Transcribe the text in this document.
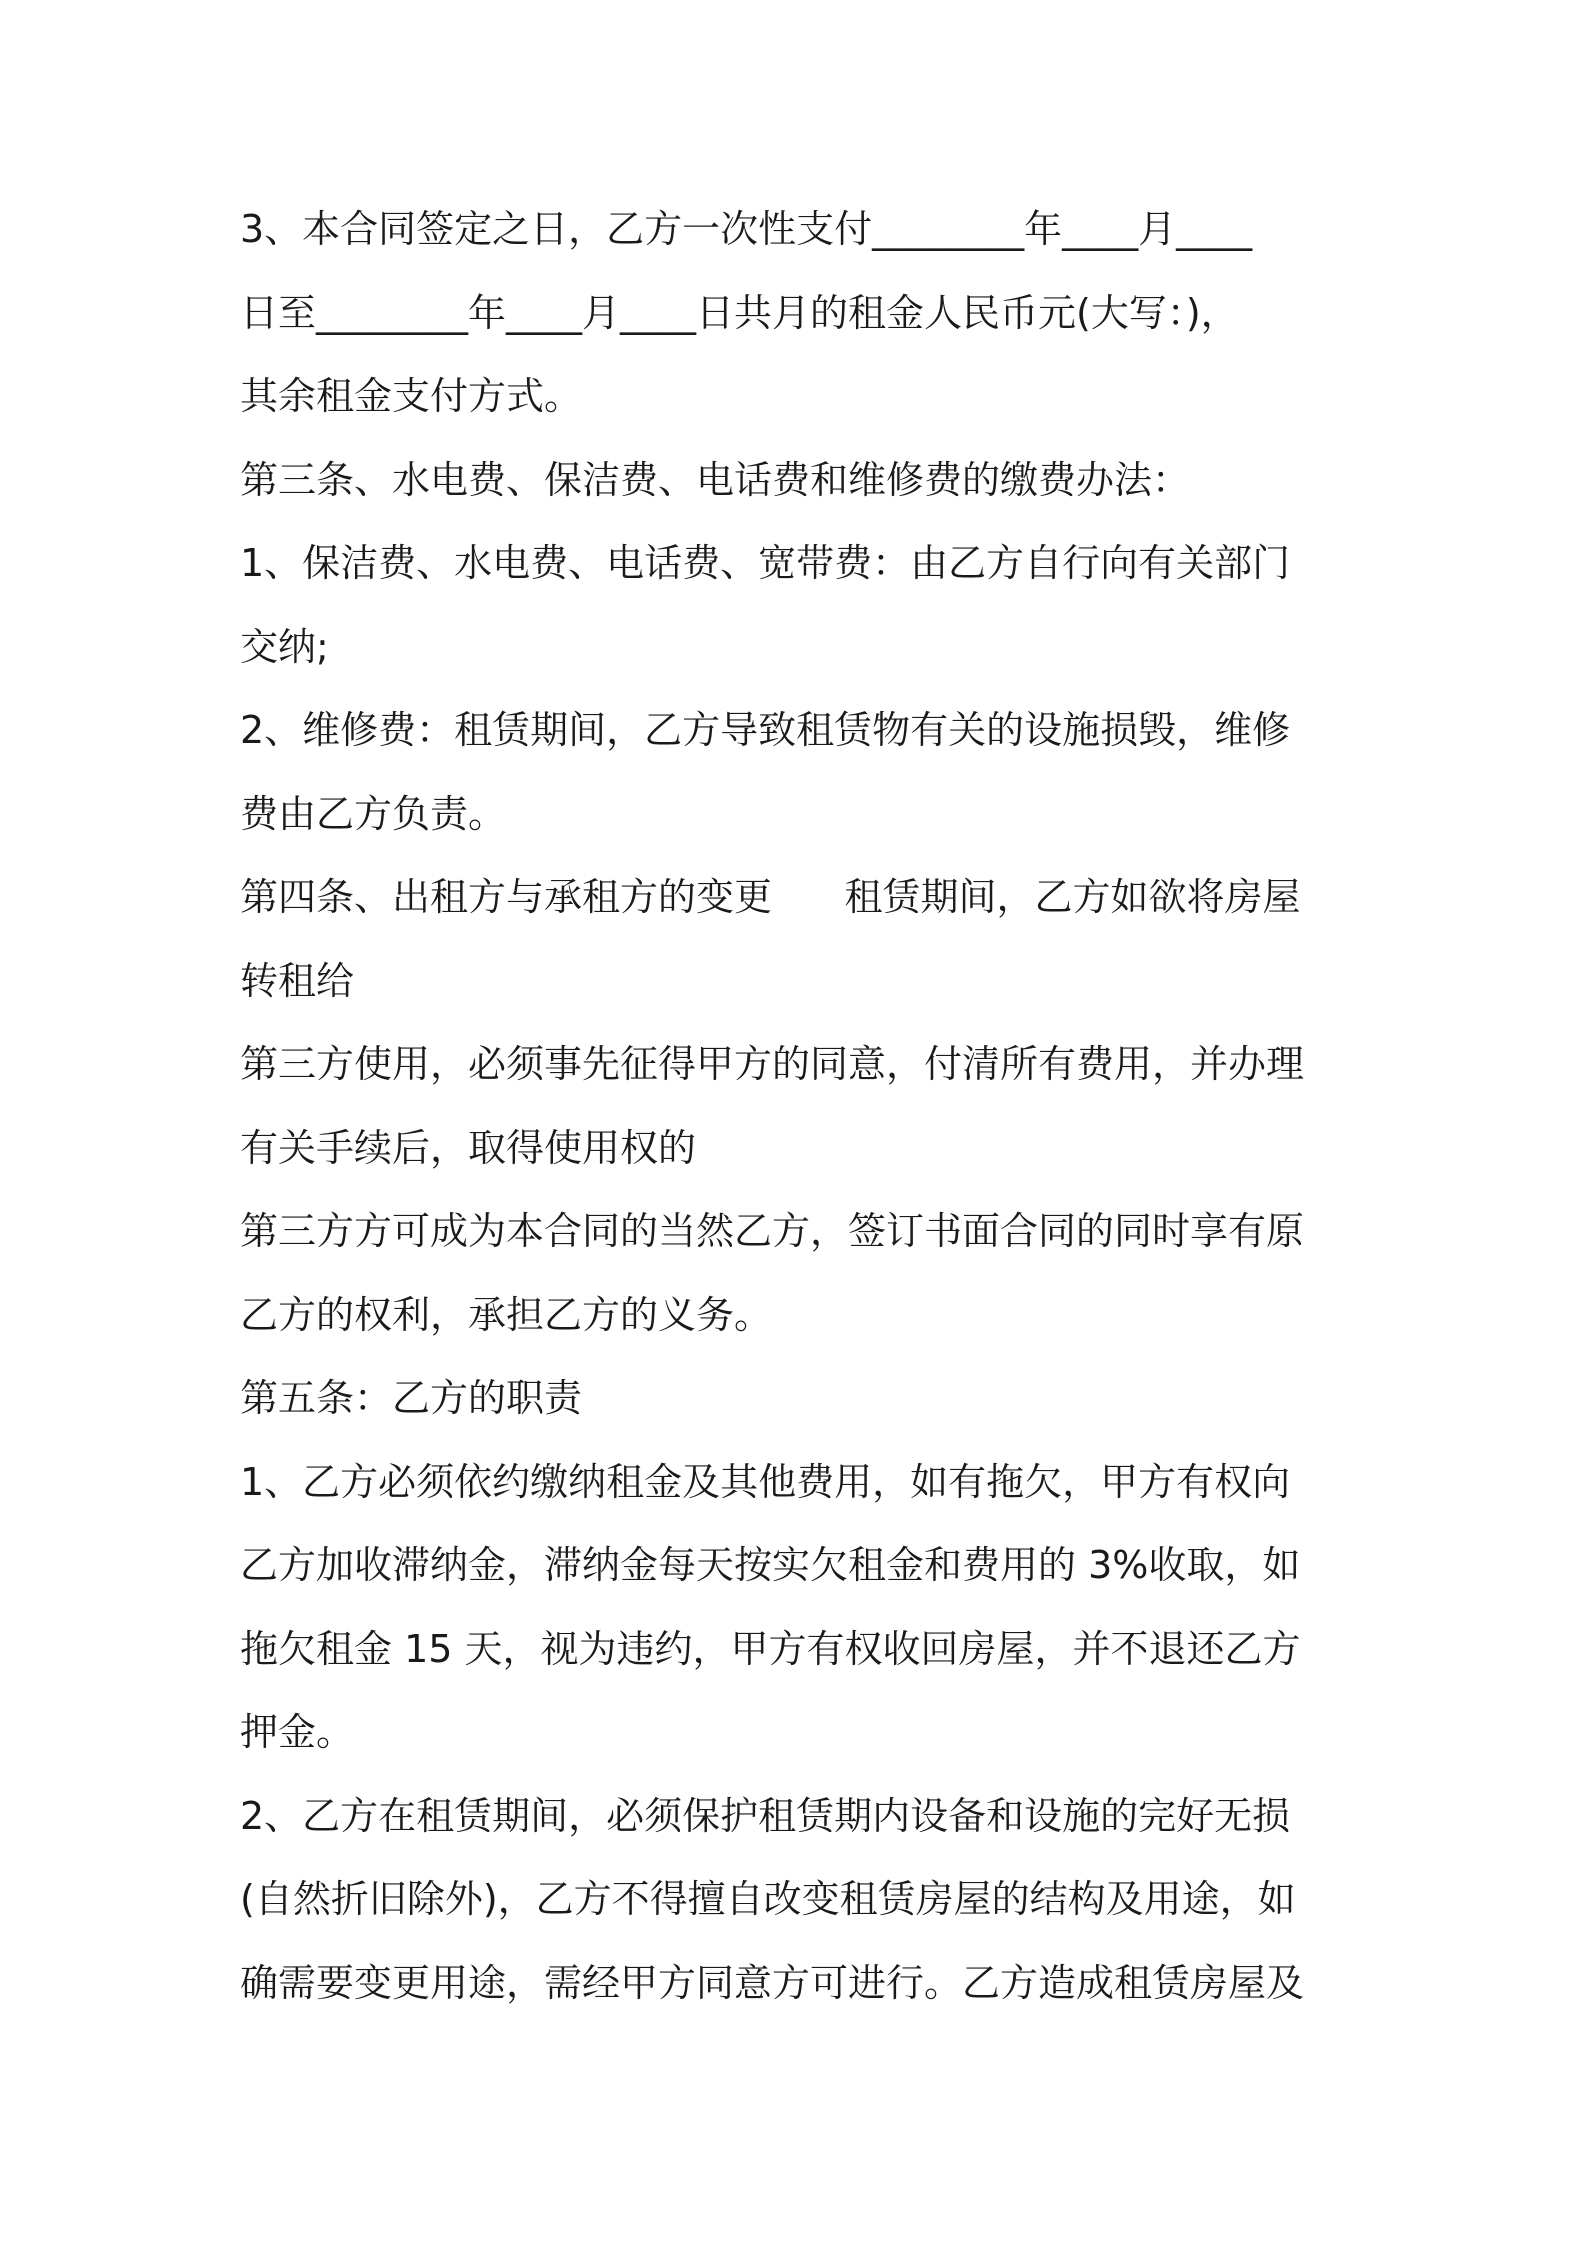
3、本合同签定之日，乙方一次性支付________年____月____
日至________年____月____日共月的租金人民币元(大写：)，
其余租金支付方式。
第三条、水电费、保洁费、电话费和维修费的缴费办法：
1、保洁费、水电费、电话费、宽带费：由乙方自行向有关部门
交纳;
2、维修费：租赁期间，乙方导致租赁物有关的设施损毁，维修
费由乙方负责。
第四条、出租方与承租方的变更      租赁期间，乙方如欲将房屋
转租给
第三方使用，必须事先征得甲方的同意，付清所有费用，并办理
有关手续后，取得使用权的
第三方方可成为本合同的当然乙方，签订书面合同的同时享有原
乙方的权利，承担乙方的义务。
第五条：乙方的职责
1、乙方必须依约缴纳租金及其他费用，如有拖欠，甲方有权向
乙方加收滞纳金，滞纳金每天按实欠租金和费用的 3%收取，如
拖欠租金 15 天，视为违约，甲方有权收回房屋，并不退还乙方
押金。
2、乙方在租赁期间，必须保护租赁期内设备和设施的完好无损
(自然折旧除外)，乙方不得擅自改变租赁房屋的结构及用途，如
确需要变更用途，需经甲方同意方可进行。乙方造成租赁房屋及
